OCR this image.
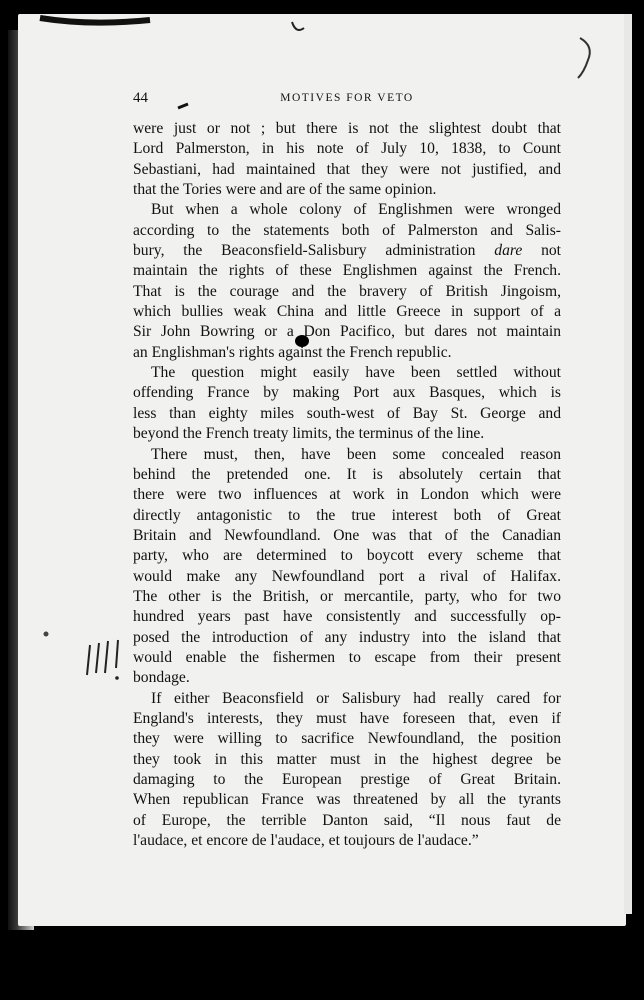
44	MOTIVES FOR VETO
were just or not ; but there is not the slightest doubt that
Lord Palmerston, in his note of July 10, 1838, to Count
Sebastiani, had maintained that they were not justified, and
that the Tories were and are of the same opinion.
But when a whole colony of Englishmen were wronged
according to the statements both of Palmerston and Salis-
bury, the Beaconsfield-Salisbury administration dare not
maintain the rights of these Englishmen against the French.
That is the courage and the bravery of British Jingoism,
which bullies weak China and little Greece in support of a
Sir John Bowring or a Don Pacifico, but dares not maintain
an Englishman's rights against the French republic.
The question might easily have been settled without
offending France by making Port aux Basques, which is
less than eighty miles south-west of Bay St. George and
beyond the French treaty limits, the terminus of the line.
There must, then, have been some concealed reason
behind the pretended one. It is absolutely certain that
there were two influences at work in London which were
directly antagonistic to the true interest both of Great
Britain and Newfoundland. One was that of the Canadian
party, who are determined to boycott every scheme that
would make any Newfoundland port a rival of Halifax.
The other is the British, or mercantile, party, who for two
hundred years past have consistently and successfully op-
posed the introduction of any industry into the island that
would enable the fishermen to escape from their present
bondage.
If either Beaconsfield or Salisbury had really cared for
England's interests, they must have foreseen that, even if
they were willing to sacrifice Newfoundland, the position
they took in this matter must in the highest degree be
damaging to the European prestige of Great Britain.
When republican France was threatened by all the tyrants
of Europe, the terrible Danton said, “Il nous faut de
l'audace, et encore de l'audace, et toujours de l'audace.”
